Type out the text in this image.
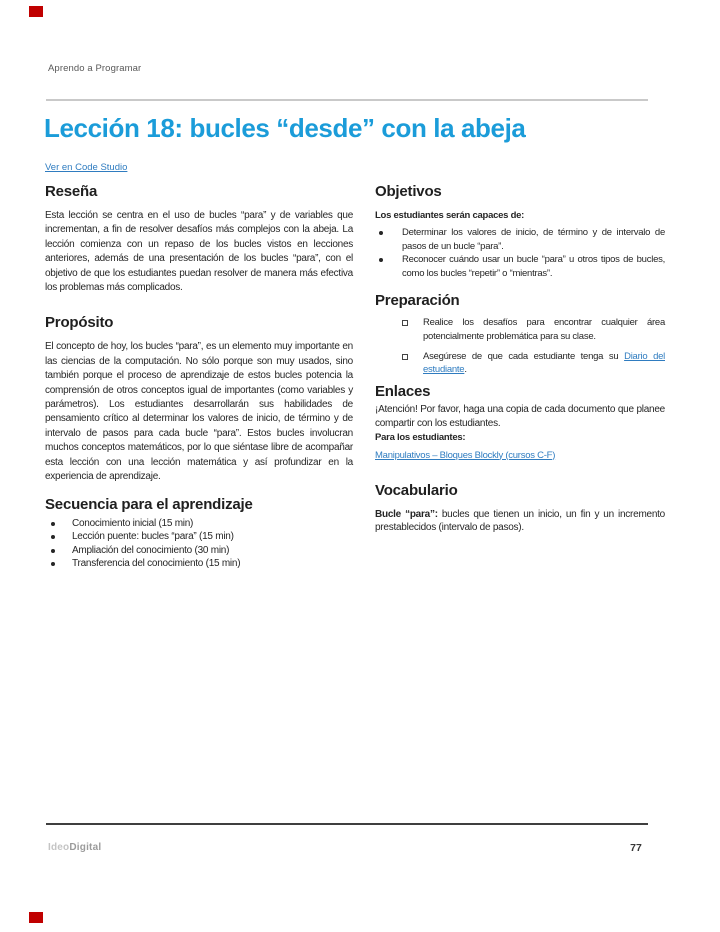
Aprendo a Programar
Lección 18: bucles “desde” con la abeja
Ver en Code Studio
Reseña

Esta lección se centra en el uso de bucles “para” y de variables que incrementan, a fin de resolver desafíos más complejos con la abeja. La lección comienza con un repaso de los bucles vistos en lecciones anteriores, además de una presentación de los bucles “para”, con el objetivo de que los estudiantes puedan resolver de manera más efectiva los problemas más complicados.

Propósito

El concepto de hoy, los bucles “para”, es un elemento muy importante en las ciencias de la computación. No sólo porque son muy usados, sino también porque el proceso de aprendizaje de estos bucles potencia la comprensión de otros conceptos igual de importantes (como variables y parámetros). Los estudiantes desarrollarán sus habilidades de pensamiento crítico al determinar los valores de inicio, de término y de intervalo de pasos para cada bucle “para”. Estos bucles involucran muchos conceptos matemáticos, por lo que siéntase libre de acompañar esta lección con una lección matemática y así profundizar en la experiencia de aprendizaje.

Secuencia para el aprendizaje
Conocimiento inicial (15 min)
Lección puente: bucles “para” (15 min)
Ampliación del conocimiento (30 min)
Transferencia del conocimiento (15 min)
Objetivos

Los estudiantes serán capaces de:

Determinar los valores de inicio, de término y de intervalo de pasos de un bucle “para”.
Reconocer cuándo usar un bucle “para” u otros tipos de bucles, como los bucles “repetir” o “mientras”.
Preparación
Realice los desafíos para encontrar cualquier área potencialmente problemática para su clase.
Asegúrese de que cada estudiante tenga su Diario del estudiante.
Enlaces

¡Atención! Por favor, haga una copia de cada documento que planee compartir con los estudiantes.

Para los estudiantes:

Manipulativos – Bloques Blockly (cursos C-F)
Vocabulario

Bucle “para”: bucles que tienen un inicio, un fin y un incremento prestablecidos (intervalo de pasos).

IdeoDigital	77
